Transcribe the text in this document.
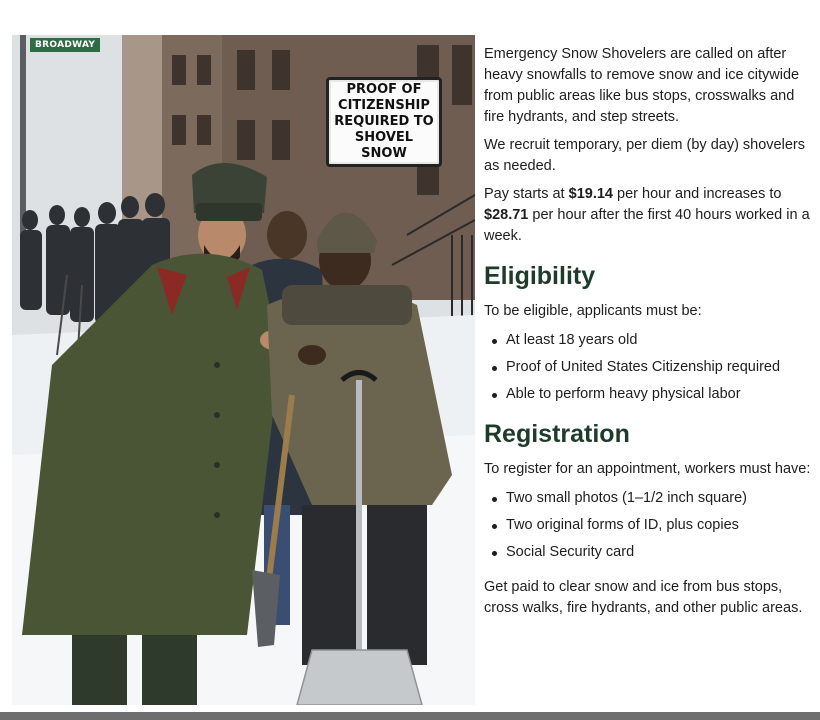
BROADWAY
PROOF OF
CITIZENSHIP
REQUIRED TO
SHOVEL SNOW

Emergency Snow Shovelers are called on after heavy snowfalls to remove snow and ice citywide from public areas like bus stops, crosswalks and fire hydrants, and step streets.

We recruit temporary, per diem (by day) shovelers as needed.

Pay starts at $19.14 per hour and increases to $28.71 per hour after the first 40 hours worked in a week.

Eligibility

To be eligible, applicants must be:

At least 18 years old
Proof of United States Citizenship required
Able to perform heavy physical labor
Registration

To register for an appointment, workers must have:

Two small photos (1–1/2 inch square)
Two original forms of ID, plus copies
Social Security card

Get paid to clear snow and ice from bus stops, cross walks, fire hydrants, and other public areas.
